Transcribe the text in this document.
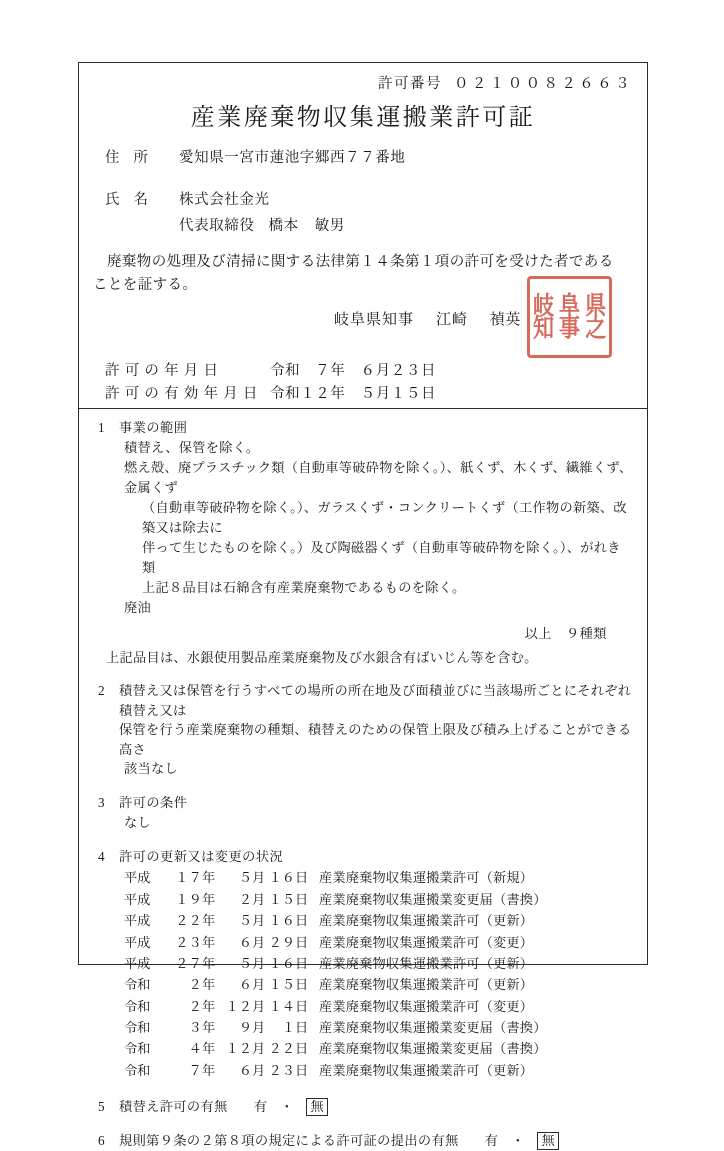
許可番号 ０２１００８２６６３
産業廃棄物収集運搬業許可証
住所 愛知県一宮市蓮池字郷西７７番地
氏名 株式会社金光
代表取締役 橋本 敏男
廃棄物の処理及び清掃に関する法律第１４条第１項の許可を受けた者であることを証する。
岐阜県知事 江崎 禎英 岐 阜 県
知 事 之
許可の年月日	令和　７年　６月２３日
許可の有効年月日 令和１２年　５月１５日
1	事業の範囲
積替え、保管を除く。
燃え殻、廃プラスチック類（自動車等破砕物を除く。）、紙くず、木くず、繊維くず、金属くず
（自動車等破砕物を除く。）、ガラスくず・コンクリートくず（工作物の新築、改築又は除去に
伴って生じたものを除く。）及び陶磁器くず（自動車等破砕物を除く。）、がれき類
上記８品目は石綿含有産業廃棄物であるものを除く。
廃油
以上 ９種類
上記品目は、水銀使用製品産業廃棄物及び水銀含有ばいじん等を含む。
2	積替え又は保管を行うすべての場所の所在地及び面積並びに当該場所ごとにそれぞれ積替え又は
保管を行う産業廃棄物の種類、積替えのための保管上限及び積み上げることができる高さ
該当なし
3	許可の条件
なし
4	許可の更新又は変更の状況
平成	１７ 年	５ 月 １６ 日 産業廃棄物収集運搬業許可（新規）
平成	１９ 年	２ 月 １５ 日 産業廃棄物収集運搬業変更届（書換）
平成	２２ 年	５ 月 １６ 日 産業廃棄物収集運搬業許可（更新）
平成	２３ 年	６ 月 ２９ 日 産業廃棄物収集運搬業許可（変更）
平成	２７ 年	５ 月 １６ 日 産業廃棄物収集運搬業許可（更新）
令和	２ 年	６ 月 １５ 日 産業廃棄物収集運搬業許可（更新）
令和	２ 年 １２ 月 １４ 日 産業廃棄物収集運搬業許可（変更）
令和	３ 年	９ 月	１ 日 産業廃棄物収集運搬業変更届（書換）
令和	４ 年 １２ 月 ２２ 日 産業廃棄物収集運搬業変更届（書換）
令和	７ 年	６ 月 ２３ 日 産業廃棄物収集運搬業許可（更新）
5	積替え許可の有無 有 ・	無
6	規則第９条の２第８項の規定による許可証の提出の有無 有 ・	無
